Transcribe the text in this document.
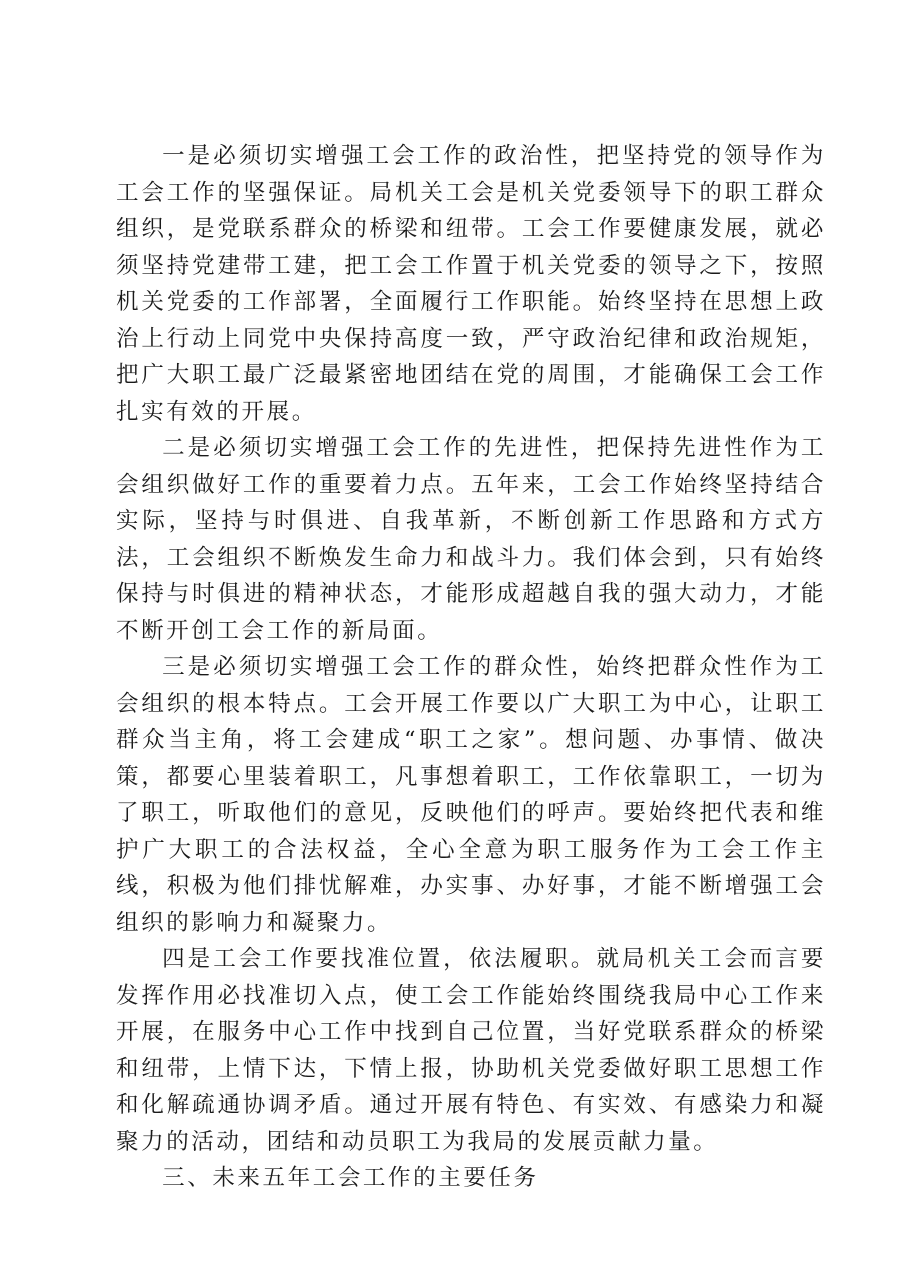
一是必须切实增强工会工作的政治性，把坚持党的领导作为工会工作的坚强保证。局机关工会是机关党委领导下的职工群众组织，是党联系群众的桥梁和纽带。工会工作要健康发展，就必须坚持党建带工建，把工会工作置于机关党委的领导之下，按照机关党委的工作部署，全面履行工作职能。始终坚持在思想上政治上行动上同党中央保持高度一致，严守政治纪律和政治规矩，把广大职工最广泛最紧密地团结在党的周围，才能确保工会工作扎实有效的开展。

二是必须切实增强工会工作的先进性，把保持先进性作为工会组织做好工作的重要着力点。五年来，工会工作始终坚持结合实际，坚持与时俱进、自我革新，不断创新工作思路和方式方法，工会组织不断焕发生命力和战斗力。我们体会到，只有始终保持与时俱进的精神状态，才能形成超越自我的强大动力，才能不断开创工会工作的新局面。

三是必须切实增强工会工作的群众性，始终把群众性作为工会组织的根本特点。工会开展工作要以广大职工为中心，让职工群众当主角，将工会建成“职工之家”。想问题、办事情、做决策，都要心里装着职工，凡事想着职工，工作依靠职工，一切为了职工，听取他们的意见，反映他们的呼声。要始终把代表和维护广大职工的合法权益，全心全意为职工服务作为工会工作主线，积极为他们排忧解难，办实事、办好事，才能不断增强工会组织的影响力和凝聚力。

四是工会工作要找准位置，依法履职。就局机关工会而言要发挥作用必找准切入点，使工会工作能始终围绕我局中心工作来开展，在服务中心工作中找到自己位置，当好党联系群众的桥梁和纽带，上情下达，下情上报，协助机关党委做好职工思想工作和化解疏通协调矛盾。通过开展有特色、有实效、有感染力和凝聚力的活动，团结和动员职工为我局的发展贡献力量。

三、未来五年工会工作的主要任务
